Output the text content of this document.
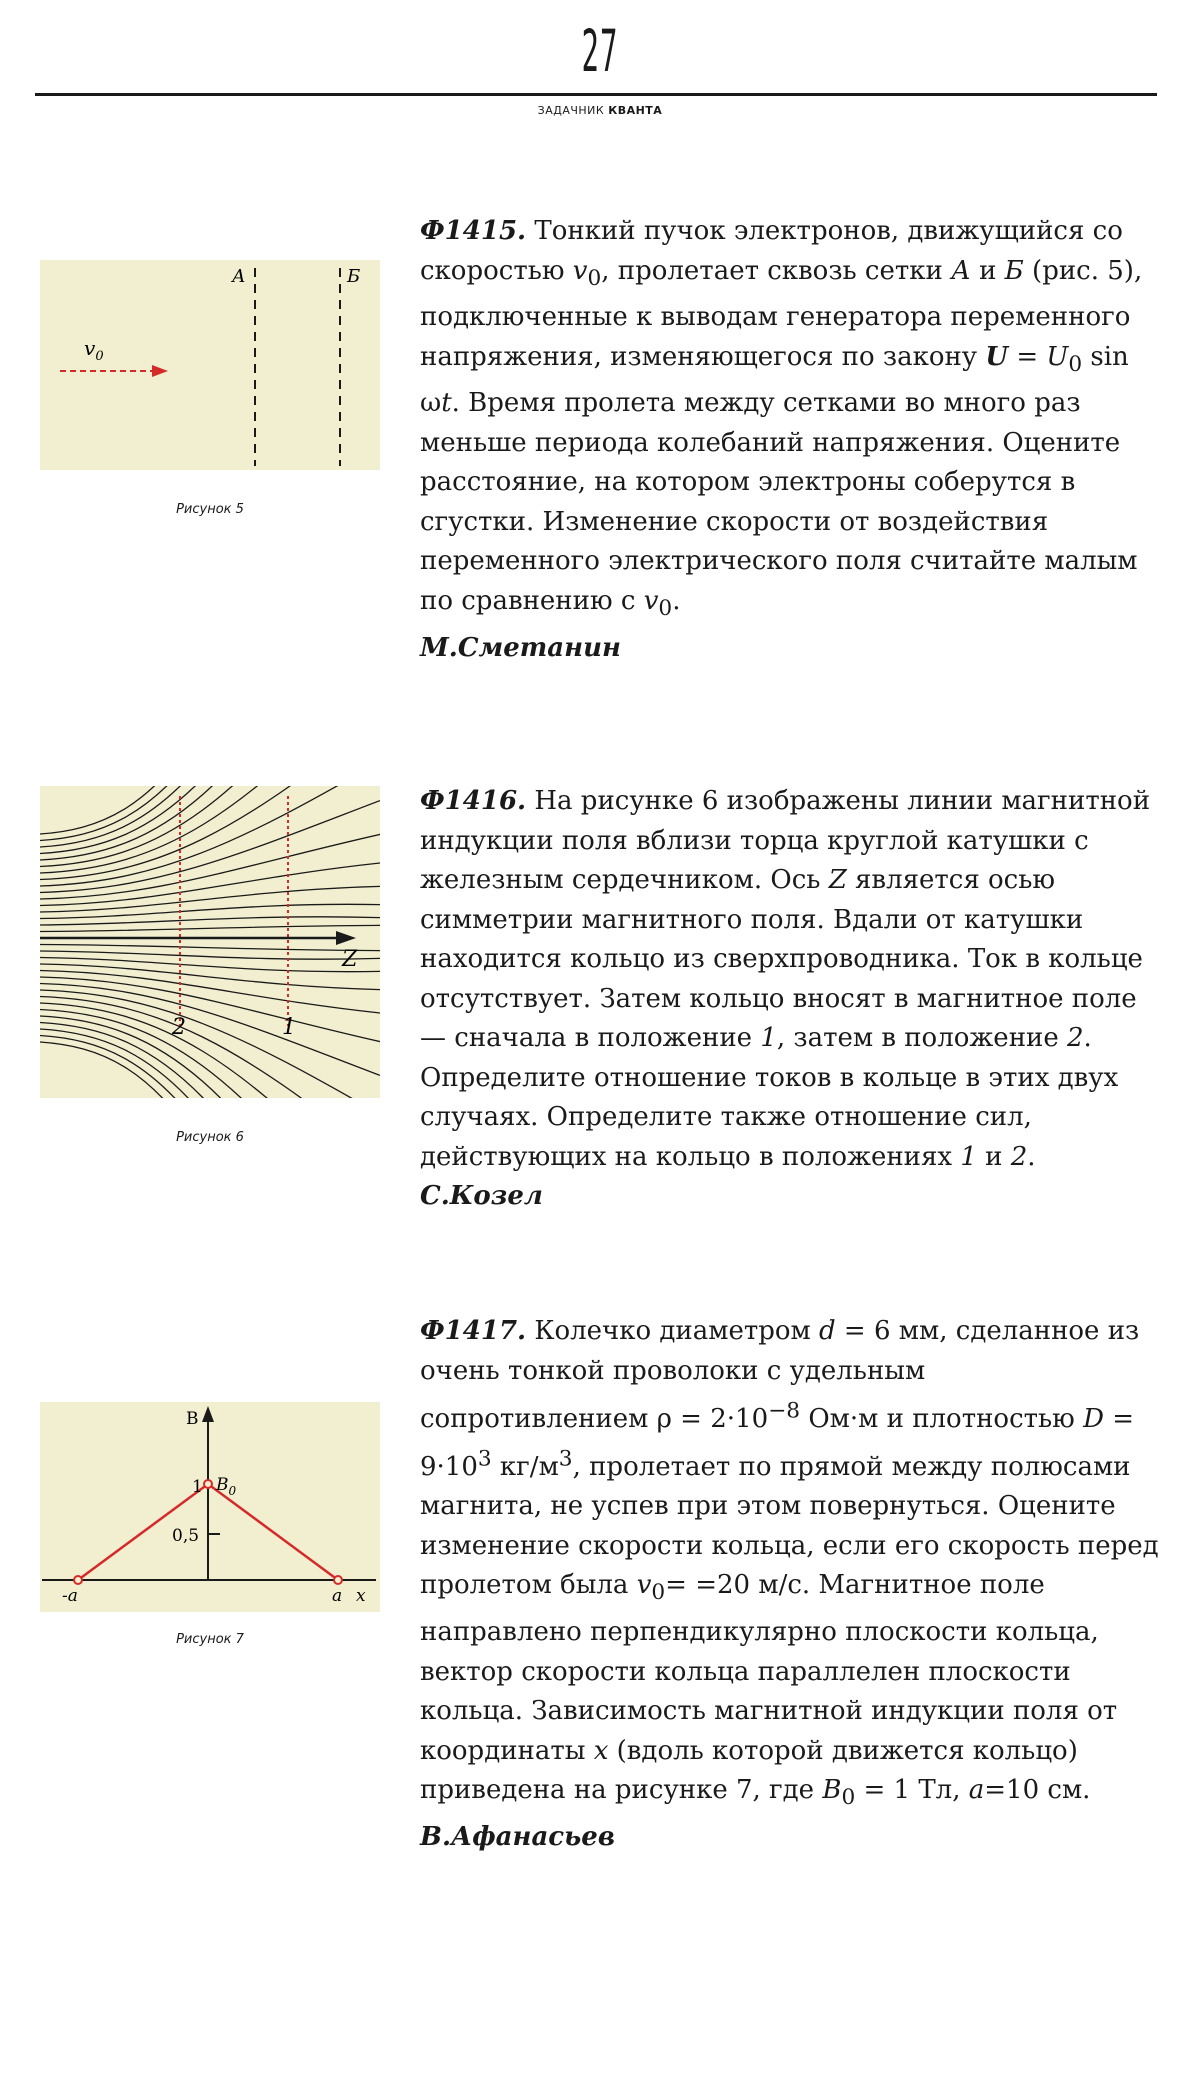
27
ЗАДАЧНИК КВАНТА
А	Б
$v_0$
Рисунок 5
Z
2	1
Рисунок 6
B
1 $B_0$
0,5
-a	a x
Рисунок 7

Ф1415. Тонкий пучок электронов, движущийся со скоростью $v_0$, пролетает сквозь сетки А и Б (рис. 5), подключенные к выводам генератора переменного напряжения, изменяющегося по закону $U = U_0$ sin ωt. Время пролета между сетками во много раз меньше периода колебаний напряжения. Оцените расстояние, на котором электроны соберутся в сгустки. Изменение скорости от воздействия переменного электрического поля считайте малым по сравнению с $v_0$.

М.Сметанин

Ф1416. На рисунке 6 изображены линии магнитной индукции поля вблизи торца круглой катушки с железным сердечником. Ось Z является осью симметрии магнитного поля. Вдали от катушки находится кольцо из сверхпроводника. Ток в кольце отсутствует. Затем кольцо вносят в магнитное поле — сначала в положение 1, затем в положение 2. Определите отношение токов в кольце в этих двух случаях. Определите также отношение сил, действующих на кольцо в положениях 1 и 2.

С.Козел

Ф1417. Колечко диаметром d = 6 мм, сделанное из очень тонкой проволоки с удельным сопротивлением $\rho = 2\cdot 10^{-8}$ Ом·м и плотностью $D = 9\cdot 10^3$ $кг/м^3$, пролетает по прямой между полюсами магнита, не успев при этом повернуться. Оцените изменение скорости кольца, если его скорость перед пролетом была $v_0= =20$ м/с. Магнитное поле направлено перпендикулярно плоскости кольца, вектор скорости кольца параллелен плоскости кольца. Зависимость магнитной индукции поля от координаты x (вдоль которой движется кольцо) приведена на рисунке 7, где $B_0 = 1$ Тл, a=10 см.

В.Афанасьев
